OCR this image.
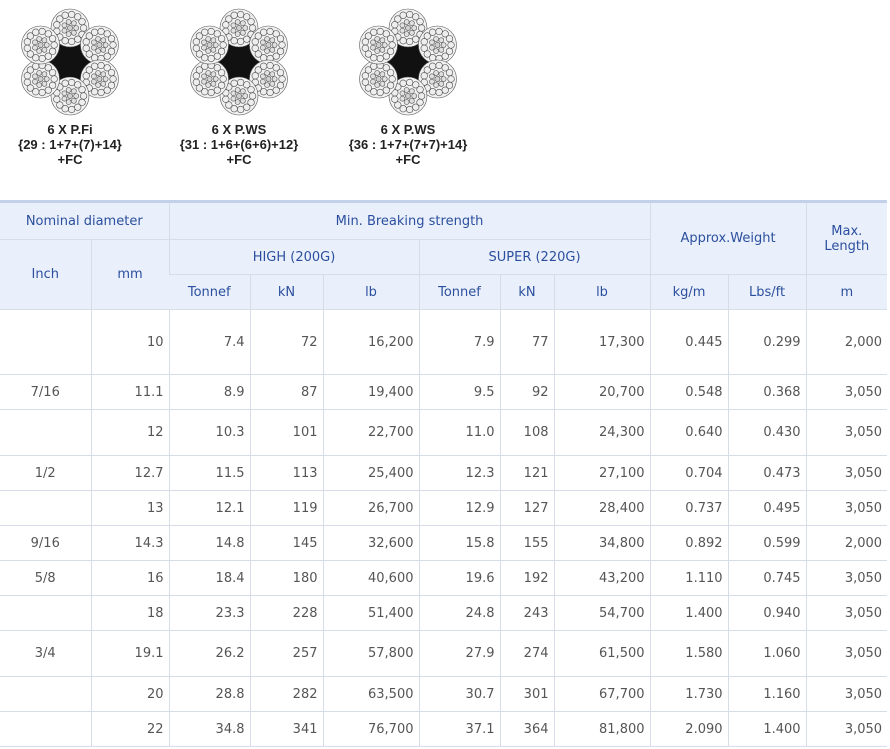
6 X P.Fi
{29 : 1+7+(7)+14}
+FC
6 X P.WS
{31 : 1+6+(6+6)+12}
+FC
6 X P.WS
{36 : 1+7+(7+7)+14}
+FC
Nominal diameter		Min. Breaking strength						Approx.Weight		Max.
Length

Inch	mm	HIGH (200G)			SUPER (220G)					
		Tonnef	kN	lb	Tonnef	kN	lb	kg/m	Lbs/ft	m
	10	7.4	72	16,200	7.9	77	17,300	0.445	0.299	2,000
7/16	11.1	8.9	87	19,400	9.5	92	20,700	0.548	0.368	3,050
	12	10.3	101	22,700	11.0	108	24,300	0.640	0.430	3,050
1/2	12.7	11.5	113	25,400	12.3	121	27,100	0.704	0.473	3,050
	13	12.1	119	26,700	12.9	127	28,400	0.737	0.495	3,050
9/16	14.3	14.8	145	32,600	15.8	155	34,800	0.892	0.599	2,000
5/8	16	18.4	180	40,600	19.6	192	43,200	1.110	0.745	3,050
	18	23.3	228	51,400	24.8	243	54,700	1.400	0.940	3,050
3/4	19.1	26.2	257	57,800	27.9	274	61,500	1.580	1.060	3,050
	20	28.8	282	63,500	30.7	301	67,700	1.730	1.160	3,050
	22	34.8	341	76,700	37.1	364	81,800	2.090	1.400	3,050
